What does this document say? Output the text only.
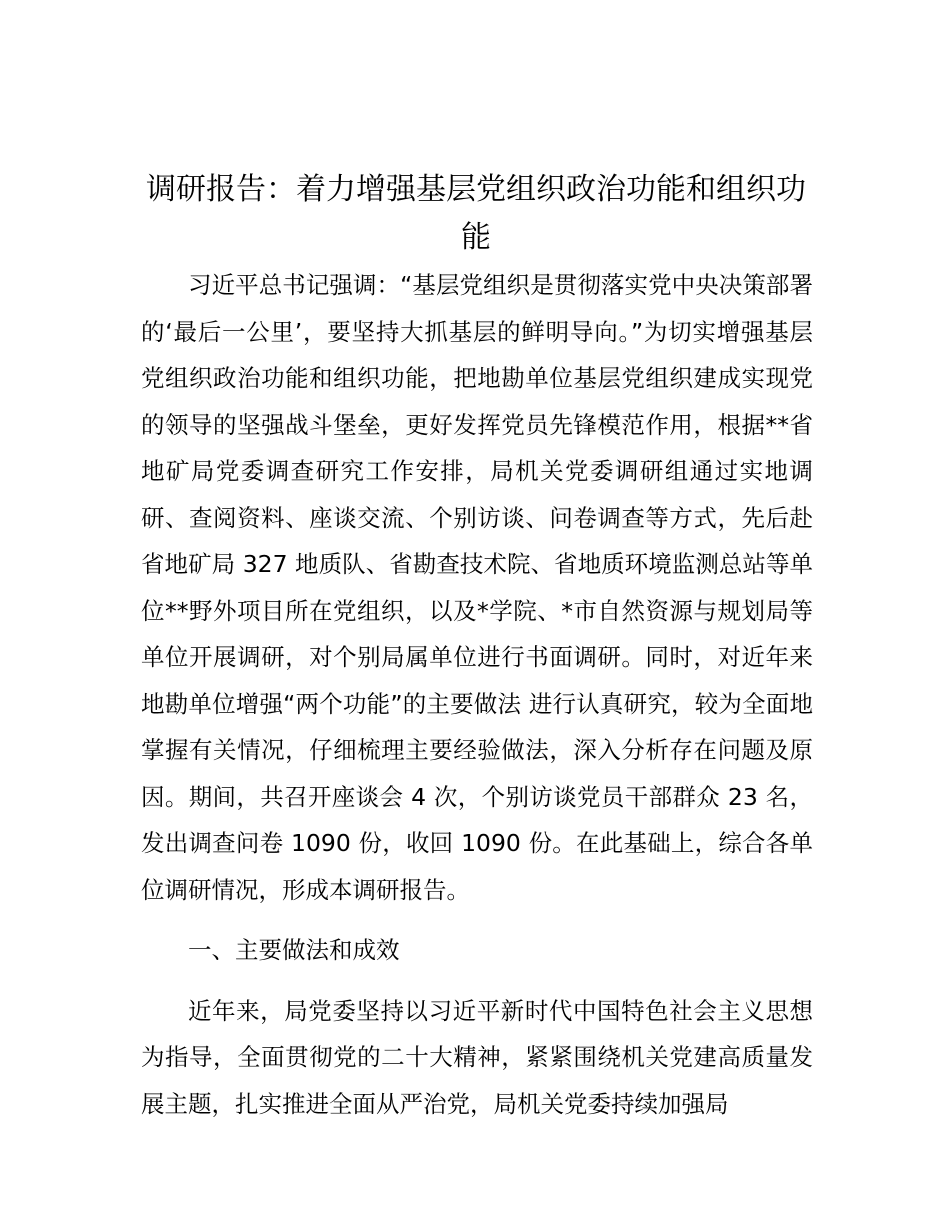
调研报告：着力增强基层党组织政治功能和组织功能

习近平总书记强调：“基层党组织是贯彻落实党中央决策部署的‘最后一公里’，要坚持大抓基层的鲜明导向。”为切实增强基层党组织政治功能和组织功能，把地勘单位基层党组织建成实现党的领导的坚强战斗堡垒，更好发挥党员先锋模范作用，根据**省地矿局党委调查研究工作安排，局机关党委调研组通过实地调研、查阅资料、座谈交流、个别访谈、问卷调查等方式，先后赴省地矿局 327 地质队、省勘查技术院、省地质环境监测总站等单位**野外项目所在党组织，以及*学院、*市自然资源与规划局等单位开展调研，对个别局属单位进行书面调研。同时，对近年来地勘单位增强“两个功能”的主要做法 进行认真研究，较为全面地掌握有关情况，仔细梳理主要经验做法，深入分析存在问题及原因。期间，共召开座谈会 4 次，个别访谈党员干部群众 23 名，发出调查问卷 1090 份，收回 1090 份。在此基础上，综合各单位调研情况，形成本调研报告。

一、主要做法和成效

近年来，局党委坚持以习近平新时代中国特色社会主义思想为指导，全面贯彻党的二十大精神，紧紧围绕机关党建高质量发展主题，扎实推进全面从严治党，局机关党委持续加强局
